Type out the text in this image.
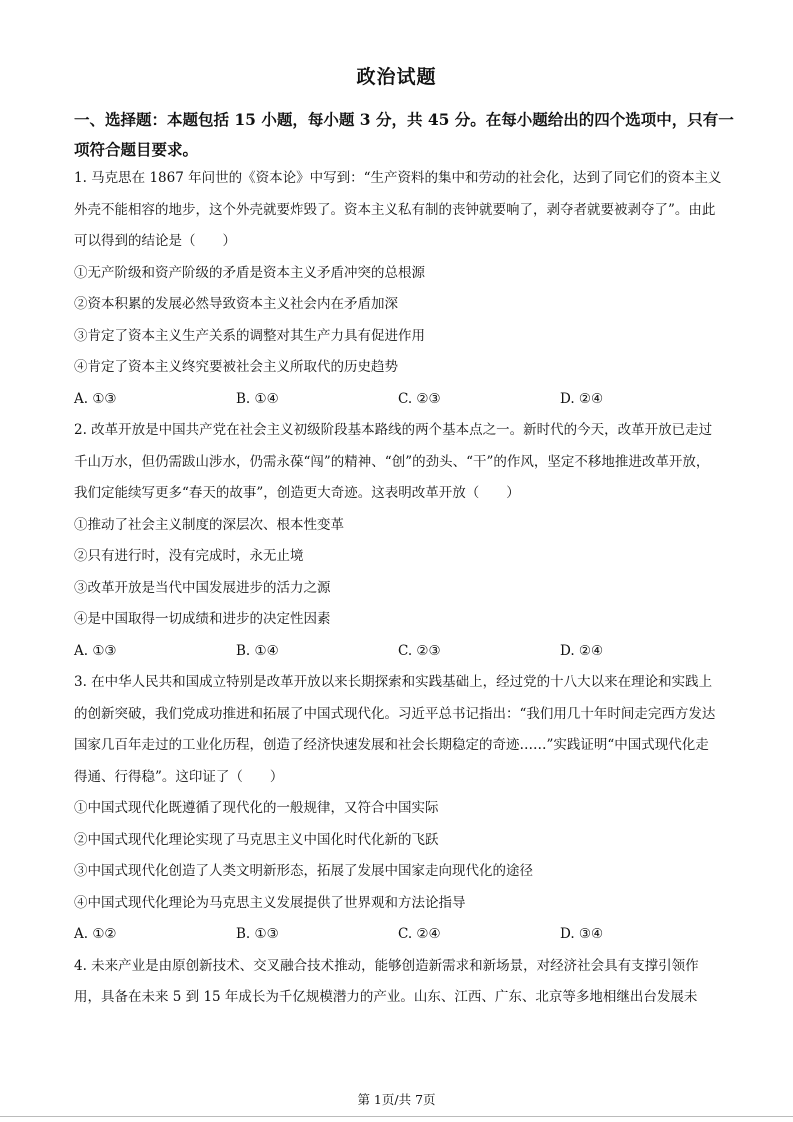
政治试题
一、选择题：本题包括 15 小题，每小题 3 分，共 45 分。在每小题给出的四个选项中，只有一项符合题目要求。

1. 马克思在 1867 年问世的《资本论》中写到：“生产资料的集中和劳动的社会化，达到了同它们的资本主义外壳不能相容的地步，这个外壳就要炸毁了。资本主义私有制的丧钟就要响了，剥夺者就要被剥夺了”。由此可以得到的结论是（　　）

①无产阶级和资产阶级的矛盾是资本主义矛盾冲突的总根源

②资本积累的发展必然导致资本主义社会内在矛盾加深

③肯定了资本主义生产关系的调整对其生产力具有促进作用

④肯定了资本主义终究要被社会主义所取代的历史趋势

A. ①③	B. ①④	C. ②③	D. ②④

2. 改革开放是中国共产党在社会主义初级阶段基本路线的两个基本点之一。新时代的今天，改革开放已走过千山万水，但仍需跋山涉水，仍需永葆“闯”的精神、“创”的劲头、“干”的作风，坚定不移地推进改革开放，我们定能续写更多“春天的故事”，创造更大奇迹。这表明改革开放（　　）

①推动了社会主义制度的深层次、根本性变革

②只有进行时，没有完成时，永无止境

③改革开放是当代中国发展进步的活力之源

④是中国取得一切成绩和进步的决定性因素

A. ①③	B. ①④	C. ②③	D. ②④

3. 在中华人民共和国成立特别是改革开放以来长期探索和实践基础上，经过党的十八大以来在理论和实践上的创新突破，我们党成功推进和拓展了中国式现代化。习近平总书记指出：“我们用几十年时间走完西方发达国家几百年走过的工业化历程，创造了经济快速发展和社会长期稳定的奇迹……”实践证明“中国式现代化走得通、行得稳”。这印证了（　　）

①中国式现代化既遵循了现代化的一般规律，又符合中国实际

②中国式现代化理论实现了马克思主义中国化时代化新的飞跃

③中国式现代化创造了人类文明新形态，拓展了发展中国家走向现代化的途径

④中国式现代化理论为马克思主义发展提供了世界观和方法论指导

A. ①②	B. ①③	C. ②④	D. ③④

4. 未来产业是由原创新技术、交叉融合技术推动，能够创造新需求和新场景，对经济社会具有支撑引领作用，具备在未来 5 到 15 年成长为千亿规模潜力的产业。山东、江西、广东、北京等多地相继出台发展未

第 1页/共 7页
